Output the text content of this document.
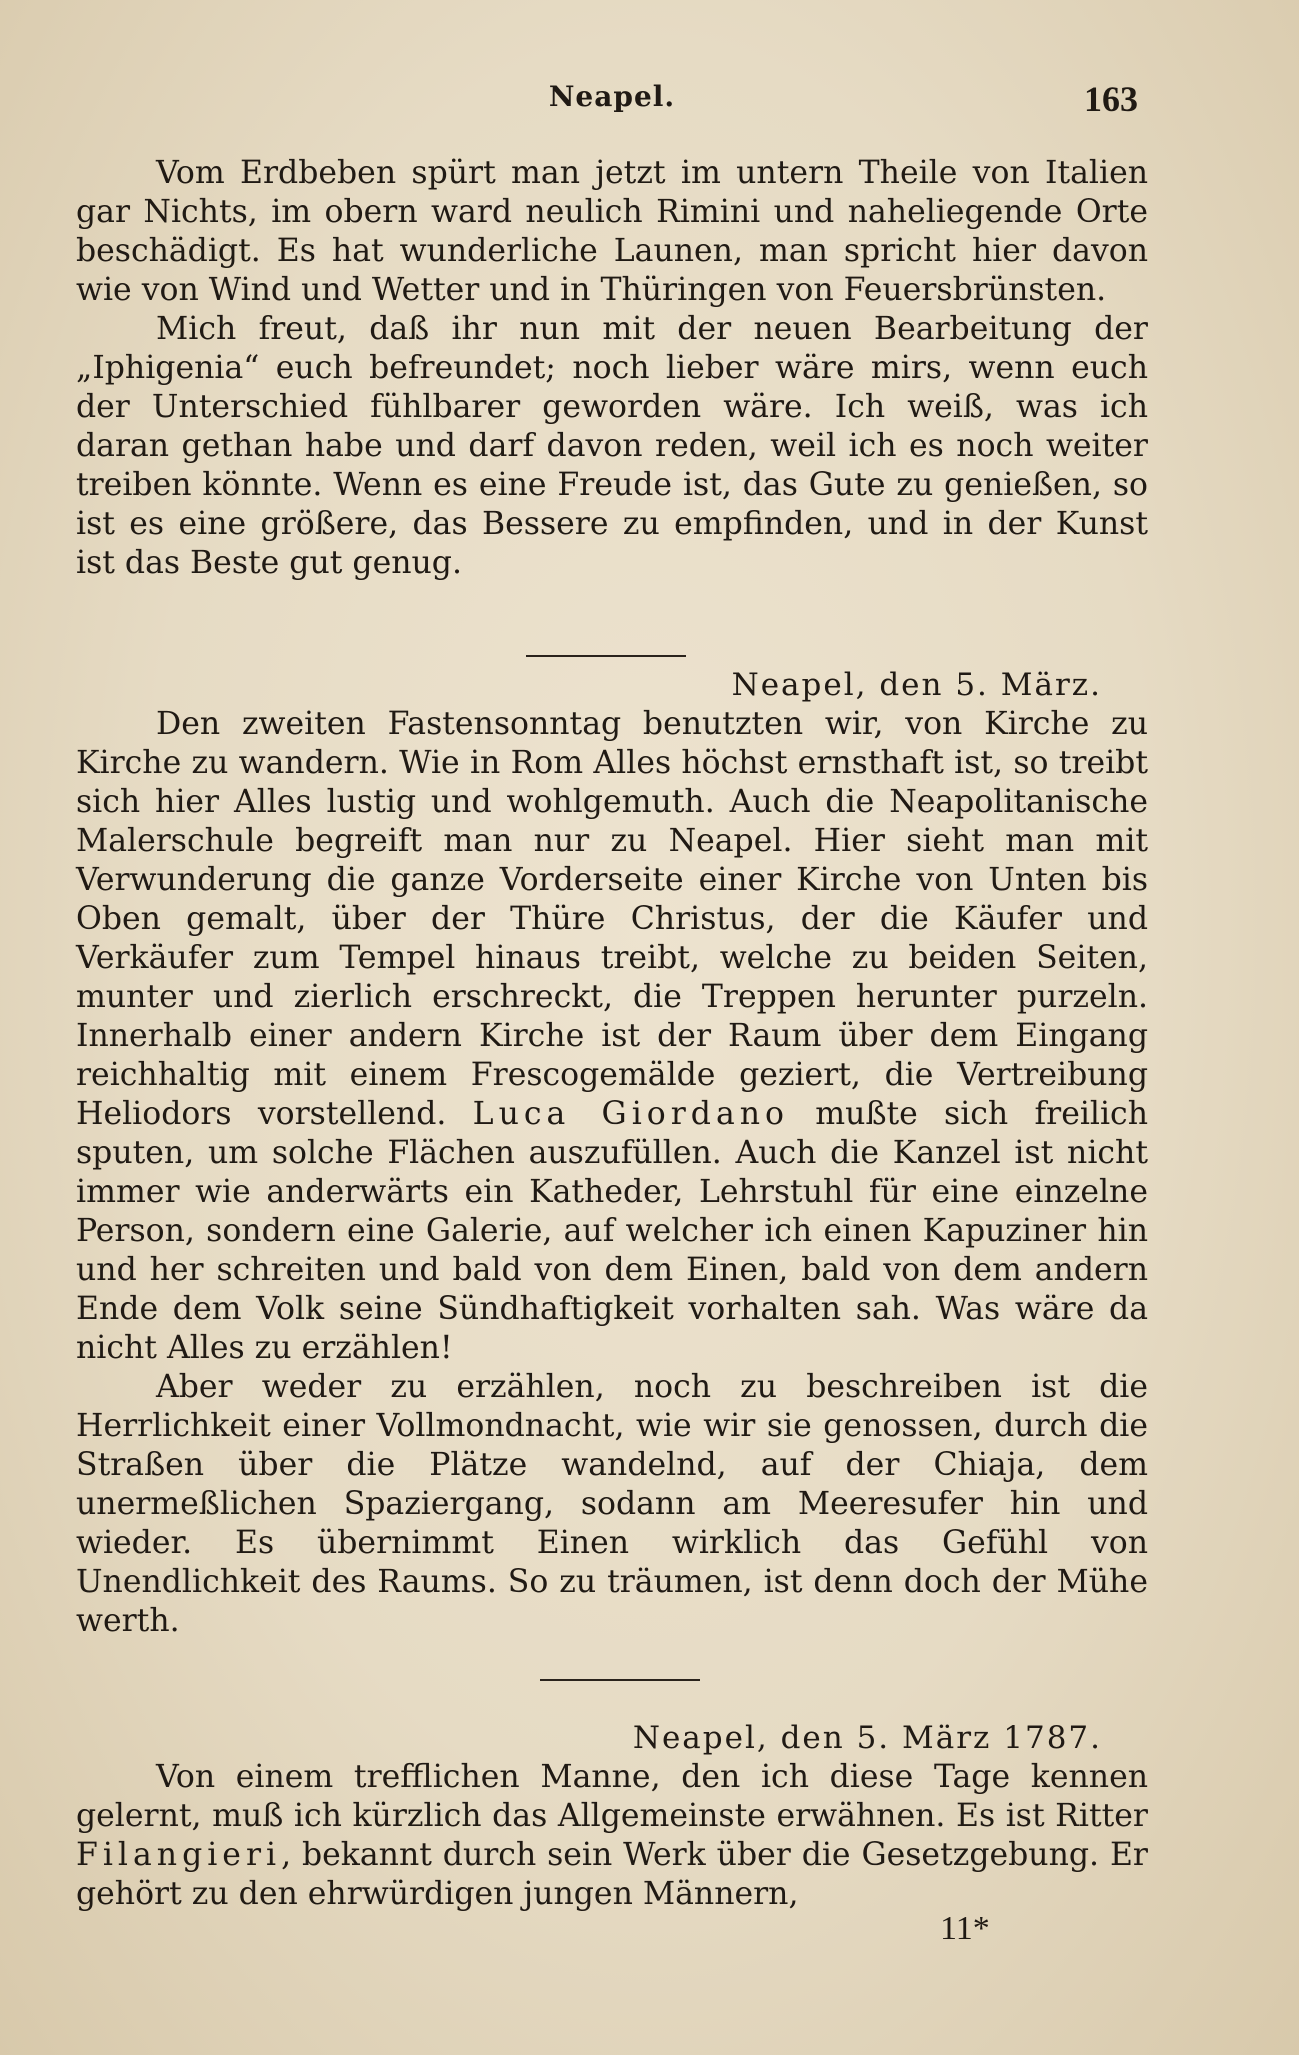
Neapel.	163

Vom Erdbeben spürt man jetzt im untern Theile von Italien gar Nichts, im obern ward neulich Rimini und naheliegende Orte beschädigt. Es hat wunderliche Launen, man spricht hier davon wie von Wind und Wetter und in Thüringen von Feuersbrünsten.

Mich freut, daß ihr nun mit der neuen Bearbeitung der „Iphigenia“ euch befreundet; noch lieber wäre mirs, wenn euch der Unterschied fühlbarer geworden wäre. Ich weiß, was ich daran gethan habe und darf davon reden, weil ich es noch weiter treiben könnte. Wenn es eine Freude ist, das Gute zu genießen, so ist es eine größere, das Bessere zu empfinden, und in der Kunst ist das Beste gut genug.

Neapel, den 5. März.

Den zweiten Fastensonntag benutzten wir, von Kirche zu Kirche zu wandern. Wie in Rom Alles höchst ernsthaft ist, so treibt sich hier Alles lustig und wohlgemuth. Auch die Neapolitanische Malerschule begreift man nur zu Neapel. Hier sieht man mit Verwunderung die ganze Vorderseite einer Kirche von Unten bis Oben gemalt, über der Thüre Christus, der die Käufer und Verkäufer zum Tempel hinaus treibt, welche zu beiden Seiten, munter und zierlich erschreckt, die Treppen herunter purzeln. Innerhalb einer andern Kirche ist der Raum über dem Eingang reichhaltig mit einem Frescogemälde geziert, die Vertreibung Heliodors vorstellend. Luca Giordano mußte sich freilich sputen, um solche Flächen auszufüllen. Auch die Kanzel ist nicht immer wie anderwärts ein Katheder, Lehrstuhl für eine einzelne Person, sondern eine Galerie, auf welcher ich einen Kapuziner hin und her schreiten und bald von dem Einen, bald von dem andern Ende dem Volk seine Sündhaftigkeit vorhalten sah. Was wäre da nicht Alles zu erzählen!

Aber weder zu erzählen, noch zu beschreiben ist die Herrlichkeit einer Vollmondnacht, wie wir sie genossen, durch die Straßen über die Plätze wandelnd, auf der Chiaja, dem unermeßlichen Spaziergang, sodann am Meeresufer hin und wieder. Es übernimmt Einen wirklich das Gefühl von Unendlichkeit des Raums. So zu träumen, ist denn doch der Mühe werth.

Neapel, den 5. März 1787.

Von einem trefflichen Manne, den ich diese Tage kennen gelernt, muß ich kürzlich das Allgemeinste erwähnen. Es ist Ritter Filangieri, bekannt durch sein Werk über die Gesetzgebung. Er gehört zu den ehrwürdigen jungen Männern,

11*
